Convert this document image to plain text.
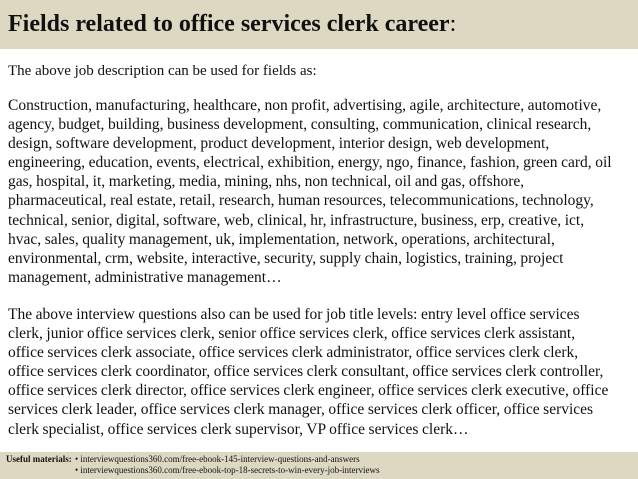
Fields related to office services clerk career:
The above job description can be used for fields as:
Construction, manufacturing, healthcare, non profit, advertising, agile, architecture, automotive,
agency, budget, building, business development, consulting, communication, clinical research,
design, software development, product development, interior design, web development,
engineering, education, events, electrical, exhibition, energy, ngo, finance, fashion, green card, oil
gas, hospital, it, marketing, media, mining, nhs, non technical, oil and gas, offshore,
pharmaceutical, real estate, retail, research, human resources, telecommunications, technology,
technical, senior, digital, software, web, clinical, hr, infrastructure, business, erp, creative, ict,
hvac, sales, quality management, uk, implementation, network, operations, architectural,
environmental, crm, website, interactive, security, supply chain, logistics, training, project
management, administrative management…
The above interview questions also can be used for job title levels: entry level office services
clerk, junior office services clerk, senior office services clerk, office services clerk assistant,
office services clerk associate, office services clerk administrator, office services clerk clerk,
office services clerk coordinator, office services clerk consultant, office services clerk controller,
office services clerk director, office services clerk engineer, office services clerk executive, office
services clerk leader, office services clerk manager, office services clerk officer, office services
clerk specialist, office services clerk supervisor, VP office services clerk…
Useful materials: • interviewquestions360.com/free-ebook-145-interview-questions-and-answers
• interviewquestions360.com/free-ebook-top-18-secrets-to-win-every-job-interviews
